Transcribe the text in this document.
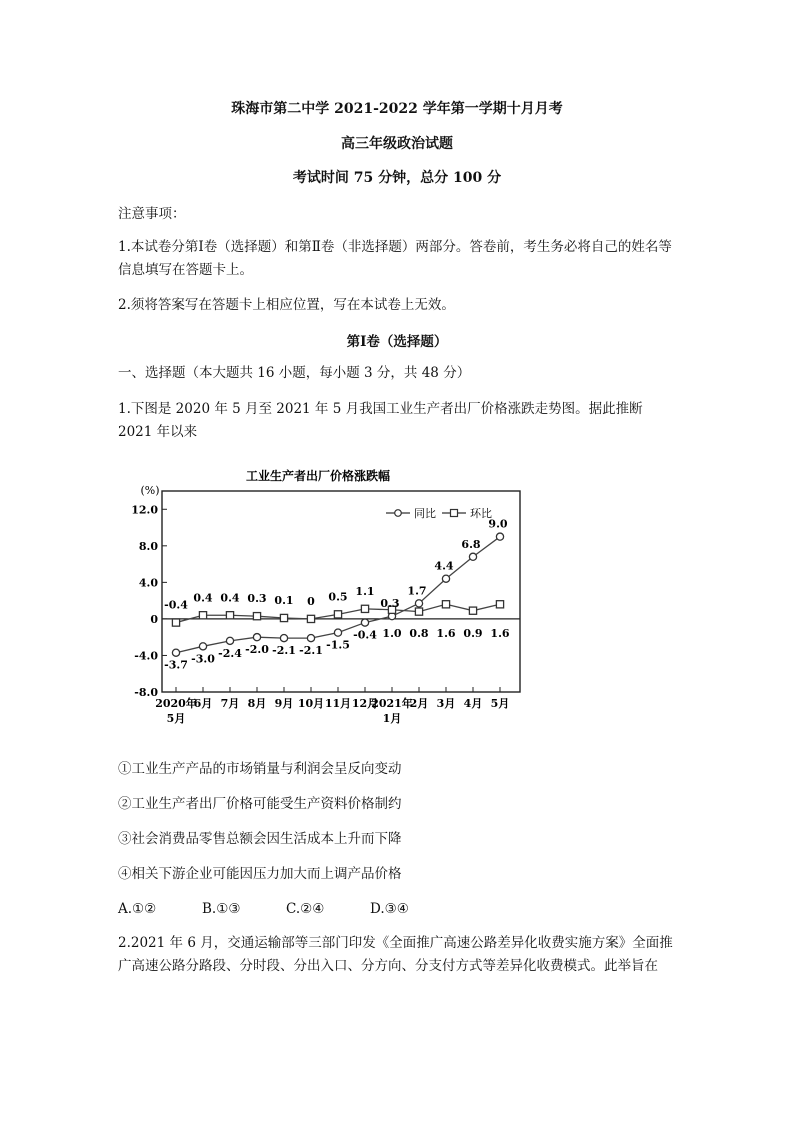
珠海市第二中学 2021-2022 学年第一学期十月月考
高三年级政治试题
考试时间 75 分钟，总分 100 分
注意事项：
1.本试卷分第Ⅰ卷（选择题）和第Ⅱ卷（非选择题）两部分。答卷前，考生务必将自己的姓名等信息填写在答题卡上。
2.须将答案写在答题卡上相应位置，写在本试卷上无效。
第Ⅰ卷（选择题）
一、选择题（本大题共 16 小题，每小题 3 分，共 48 分）
1.下图是 2020 年 5 月至 2021 年 5 月我国工业生产者出厂价格涨跌走势图。据此推断 2021 年以来
工业生产者出厂价格涨跌幅
(%)
同比	环比
12.0
8.0
4.0
0
-4.0
-8.0
2020年 5月
6月 7月 8月 9月 10月 11月 12月
2021年 1月
2月 3月 4月 5月
-3.7 -3.0 -2.4 -2.0 -2.1 -2.1 -1.5
-0.4
0.3
1.7
4.4
6.8
9.0
-0.4
0.4 0.4 0.3 0.1 0 0.5 1.1
1.0 0.8 1.6 0.9 1.6
①工业生产产品的市场销量与利润会呈反向变动
②工业生产者出厂价格可能受生产资料价格制约
③社会消费品零售总额会因生活成本上升而下降
④相关下游企业可能因压力加大而上调产品价格
A.①②	B.①③	C.②④	D.③④
2.2021 年 6 月，交通运输部等三部门印发《全面推广高速公路差异化收费实施方案》全面推广高速公路分路段、分时段、分出入口、分方向、分支付方式等差异化收费模式。此举旨在
